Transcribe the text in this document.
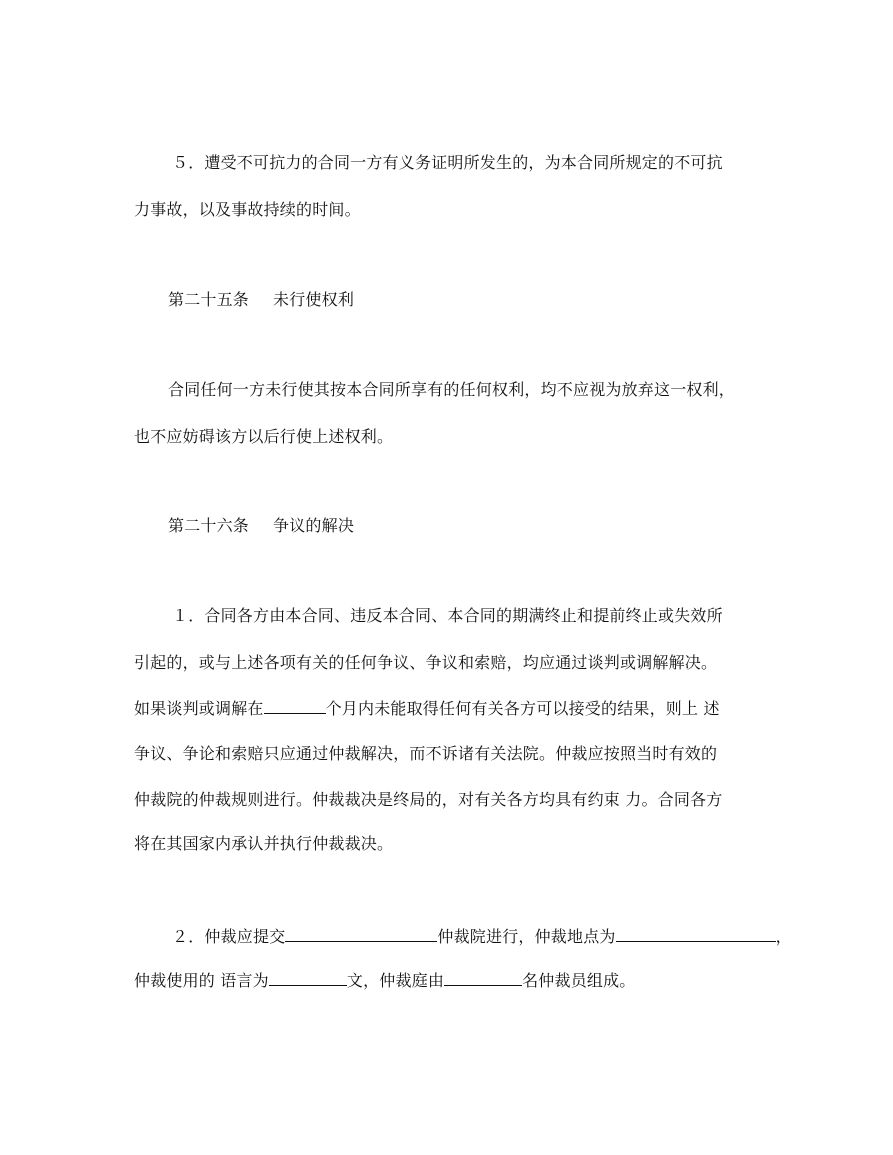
５．遭受不可抗力的合同一方有义务证明所发生的，为本合同所规定的不可抗
力事故，以及事故持续的时间。
第二十五条 未行使权利
合同任何一方未行使其按本合同所享有的任何权利，均不应视为放弃这一权利，
也不应妨碍该方以后行使上述权利。
第二十六条 争议的解决
１．合同各方由本合同、违反本合同、本合同的期满终止和提前终止或失效所
引起的，或与上述各项有关的任何争议、争议和索赔，均应通过谈判或调解解决。
如果谈判或调解在	个月内未能取得任何有关各方可以接受的结果，则上 述
争议、争论和索赔只应通过仲裁解决，而不诉诸有关法院。仲裁应按照当时有效的
仲裁院的仲裁规则进行。仲裁裁决是终局的，对有关各方均具有约束 力。合同各方
将在其国家内承认并执行仲裁裁决。
２．仲裁应提交	仲裁院进行，仲裁地点为	，
仲裁使用的 语言为	文，仲裁庭由	名仲裁员组成。
